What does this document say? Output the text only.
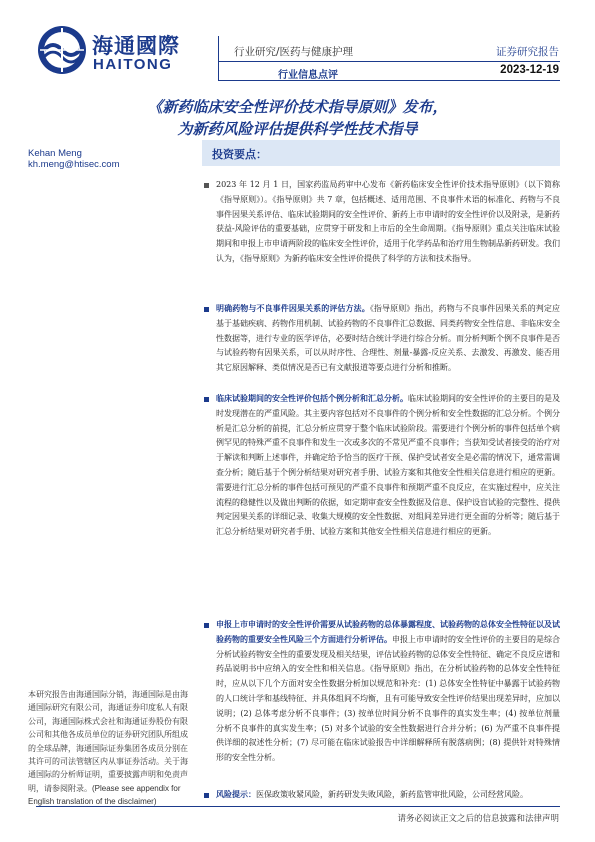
海通國際
HAITONG
行业研究/医药与健康护理
行业信息点评
证券研究报告
2023-12-19
《新药临床安全性评价技术指导原则》发布，
为新药风险评估提供科学性技术指导
Kehan Meng
kh.meng@htisec.com
投资要点：
2023 年 12 月 1 日，国家药监局药审中心发布《新药临床安全性评价技术指导原则》（以下简称《指导原则》）。《指导原则》共 7 章，包括概述、适用范围、不良事件术语的标准化、药物与不良事件因果关系评估、临床试验期间的安全性评价、新药上市申请时的安全性评价以及附录，是新药获益-风险评估的重要基础，应贯穿于研发和上市后的全生命周期。《指导原则》重点关注临床试验期间和申报上市申请两阶段的临床安全性评价，适用于化学药品和治疗用生物制品新药研发。我们认为，《指导原则》为新药临床安全性评价提供了科学的方法和技术指导。
明确药物与不良事件因果关系的评估方法。《指导原则》指出，药物与不良事件因果关系的判定应基于基础疾病、药物作用机制、试验药物的不良事件汇总数据、同类药物安全性信息、非临床安全性数据等，进行专业的医学评估，必要时结合统计学进行综合分析。而分析判断个例不良事件是否与试验药物有因果关系，可以从时序性、合理性、剂量-暴露-反应关系、去激发、再激发、能否用其它原因解释、类似情况是否已有文献报道等要点进行分析和推断。
临床试验期间的安全性评价包括个例分析和汇总分析。临床试验期间的安全性评价的主要目的是及时发现潜在的严重风险。其主要内容包括对不良事件的个例分析和安全性数据的汇总分析。个例分析是汇总分析的前提，汇总分析应贯穿于整个临床试验阶段。需要进行个例分析的事件包括单个病例罕见的特殊严重不良事件和发生一次或多次的不常见严重不良事件；当获知受试者接受的治疗对于解读和判断上述事件，并确定给予恰当的医疗干预、保护受试者安全是必需的情况下，通常需调查分析；随后基于个例分析结果对研究者手册、试验方案和其他安全性相关信息进行相应的更新。需要进行汇总分析的事件包括可预见的严重不良事件和预期严重不良反应，在实施过程中，应关注流程的稳健性以及做出判断的依据，如定期审查安全性数据及信息、保护设盲试验的完整性、提供判定因果关系的详细记录、收集大规模的安全性数据、对组间差异进行更全面的分析等；随后基于汇总分析结果对研究者手册、试验方案和其他安全性相关信息进行相应的更新。
申报上市申请时的安全性评价需要从试验药物的总体暴露程度、试验药物的总体安全性特征以及试验药物的重要安全性风险三个方面进行分析评估。申报上市申请时的安全性评价的主要目的是综合分析试验药物安全性的重要发现及相关结果，评估试验药物的总体安全性特征、确定不良反应谱和药品说明书中应纳入的安全性和相关信息。《指导原则》指出，在分析试验药物的总体安全性特征时，应从以下几个方面对安全性数据分析加以规范和补充：(1) 总体安全性特征中暴露于试验药物的人口统计学和基线特征、并具体组间不均衡，且有可能导致安全性评价结果出现差异时，应加以说明；(2) 总体考虑分析不良事件；(3) 按单位时间分析不良事件的真实发生率；(4) 按单位剂量分析不良事件的真实发生率；(5) 对多个试验的安全性数据进行合并分析；(6) 为严重不良事件提供详细的叙述性分析；(7) 尽可能在临床试验报告中详细解释所有脱落病例；(8) 提供针对特殊情形的安全性分析。
风险提示：医保政策收紧风险，新药研发失败风险，新药监管审批风险，公司经营风险。
本研究报告由海通国际分销，海通国际是由海通国际研究有限公司，海通证券印度私人有限公司，海通国际株式会社和海通证券股份有限公司和其他各成员单位的证券研究团队所组成的全球品牌，海通国际证券集团各成员分别在其许可的司法管辖区内从事证券活动。关于海通国际的分析师证明，重要披露声明和免责声明，请参阅附录。(Please see appendix for English translation of the disclaimer)
请务必阅读正文之后的信息披露和法律声明
